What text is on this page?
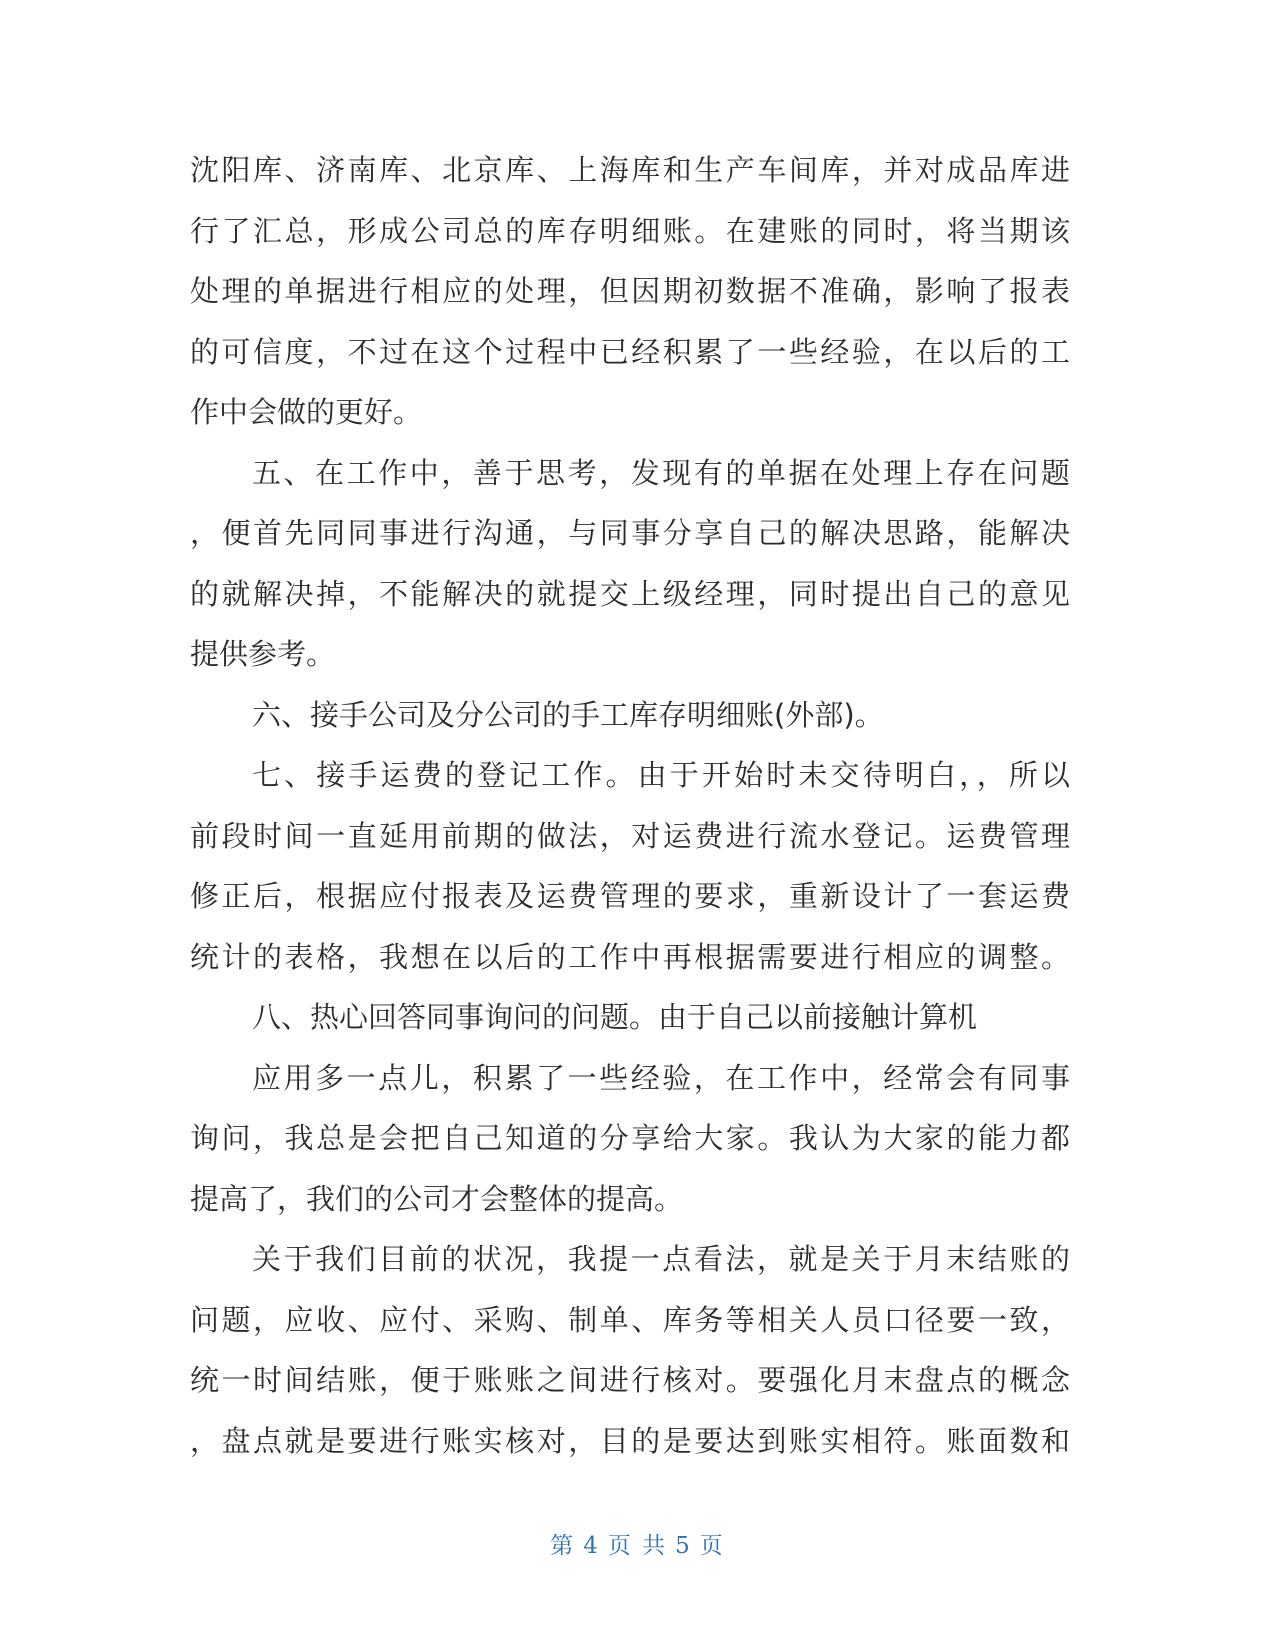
沈阳库、济南库、北京库、上海库和生产车间库，并对成品库进
行了汇总，形成公司总的库存明细账。在建账的同时，将当期该
处理的单据进行相应的处理，但因期初数据不准确，影响了报表
的可信度，不过在这个过程中已经积累了一些经验，在以后的工
作中会做的更好。
五、在工作中，善于思考，发现有的单据在处理上存在问题
，便首先同同事进行沟通，与同事分享自己的解决思路，能解决
的就解决掉，不能解决的就提交上级经理，同时提出自己的意见
提供参考。
六、接手公司及分公司的手工库存明细账(外部)。
七、接手运费的登记工作。由于开始时未交待明白，，所以
前段时间一直延用前期的做法，对运费进行流水登记。运费管理
修正后，根据应付报表及运费管理的要求，重新设计了一套运费
统计的表格，我想在以后的工作中再根据需要进行相应的调整。
八、热心回答同事询问的问题。由于自己以前接触计算机
应用多一点儿，积累了一些经验，在工作中，经常会有同事
询问，我总是会把自己知道的分享给大家。我认为大家的能力都
提高了，我们的公司才会整体的提高。
关于我们目前的状况，我提一点看法，就是关于月末结账的
问题，应收、应付、采购、制单、库务等相关人员口径要一致，
统一时间结账，便于账账之间进行核对。要强化月末盘点的概念
，盘点就是要进行账实核对，目的是要达到账实相符。账面数和
第 4 页 共 5 页
